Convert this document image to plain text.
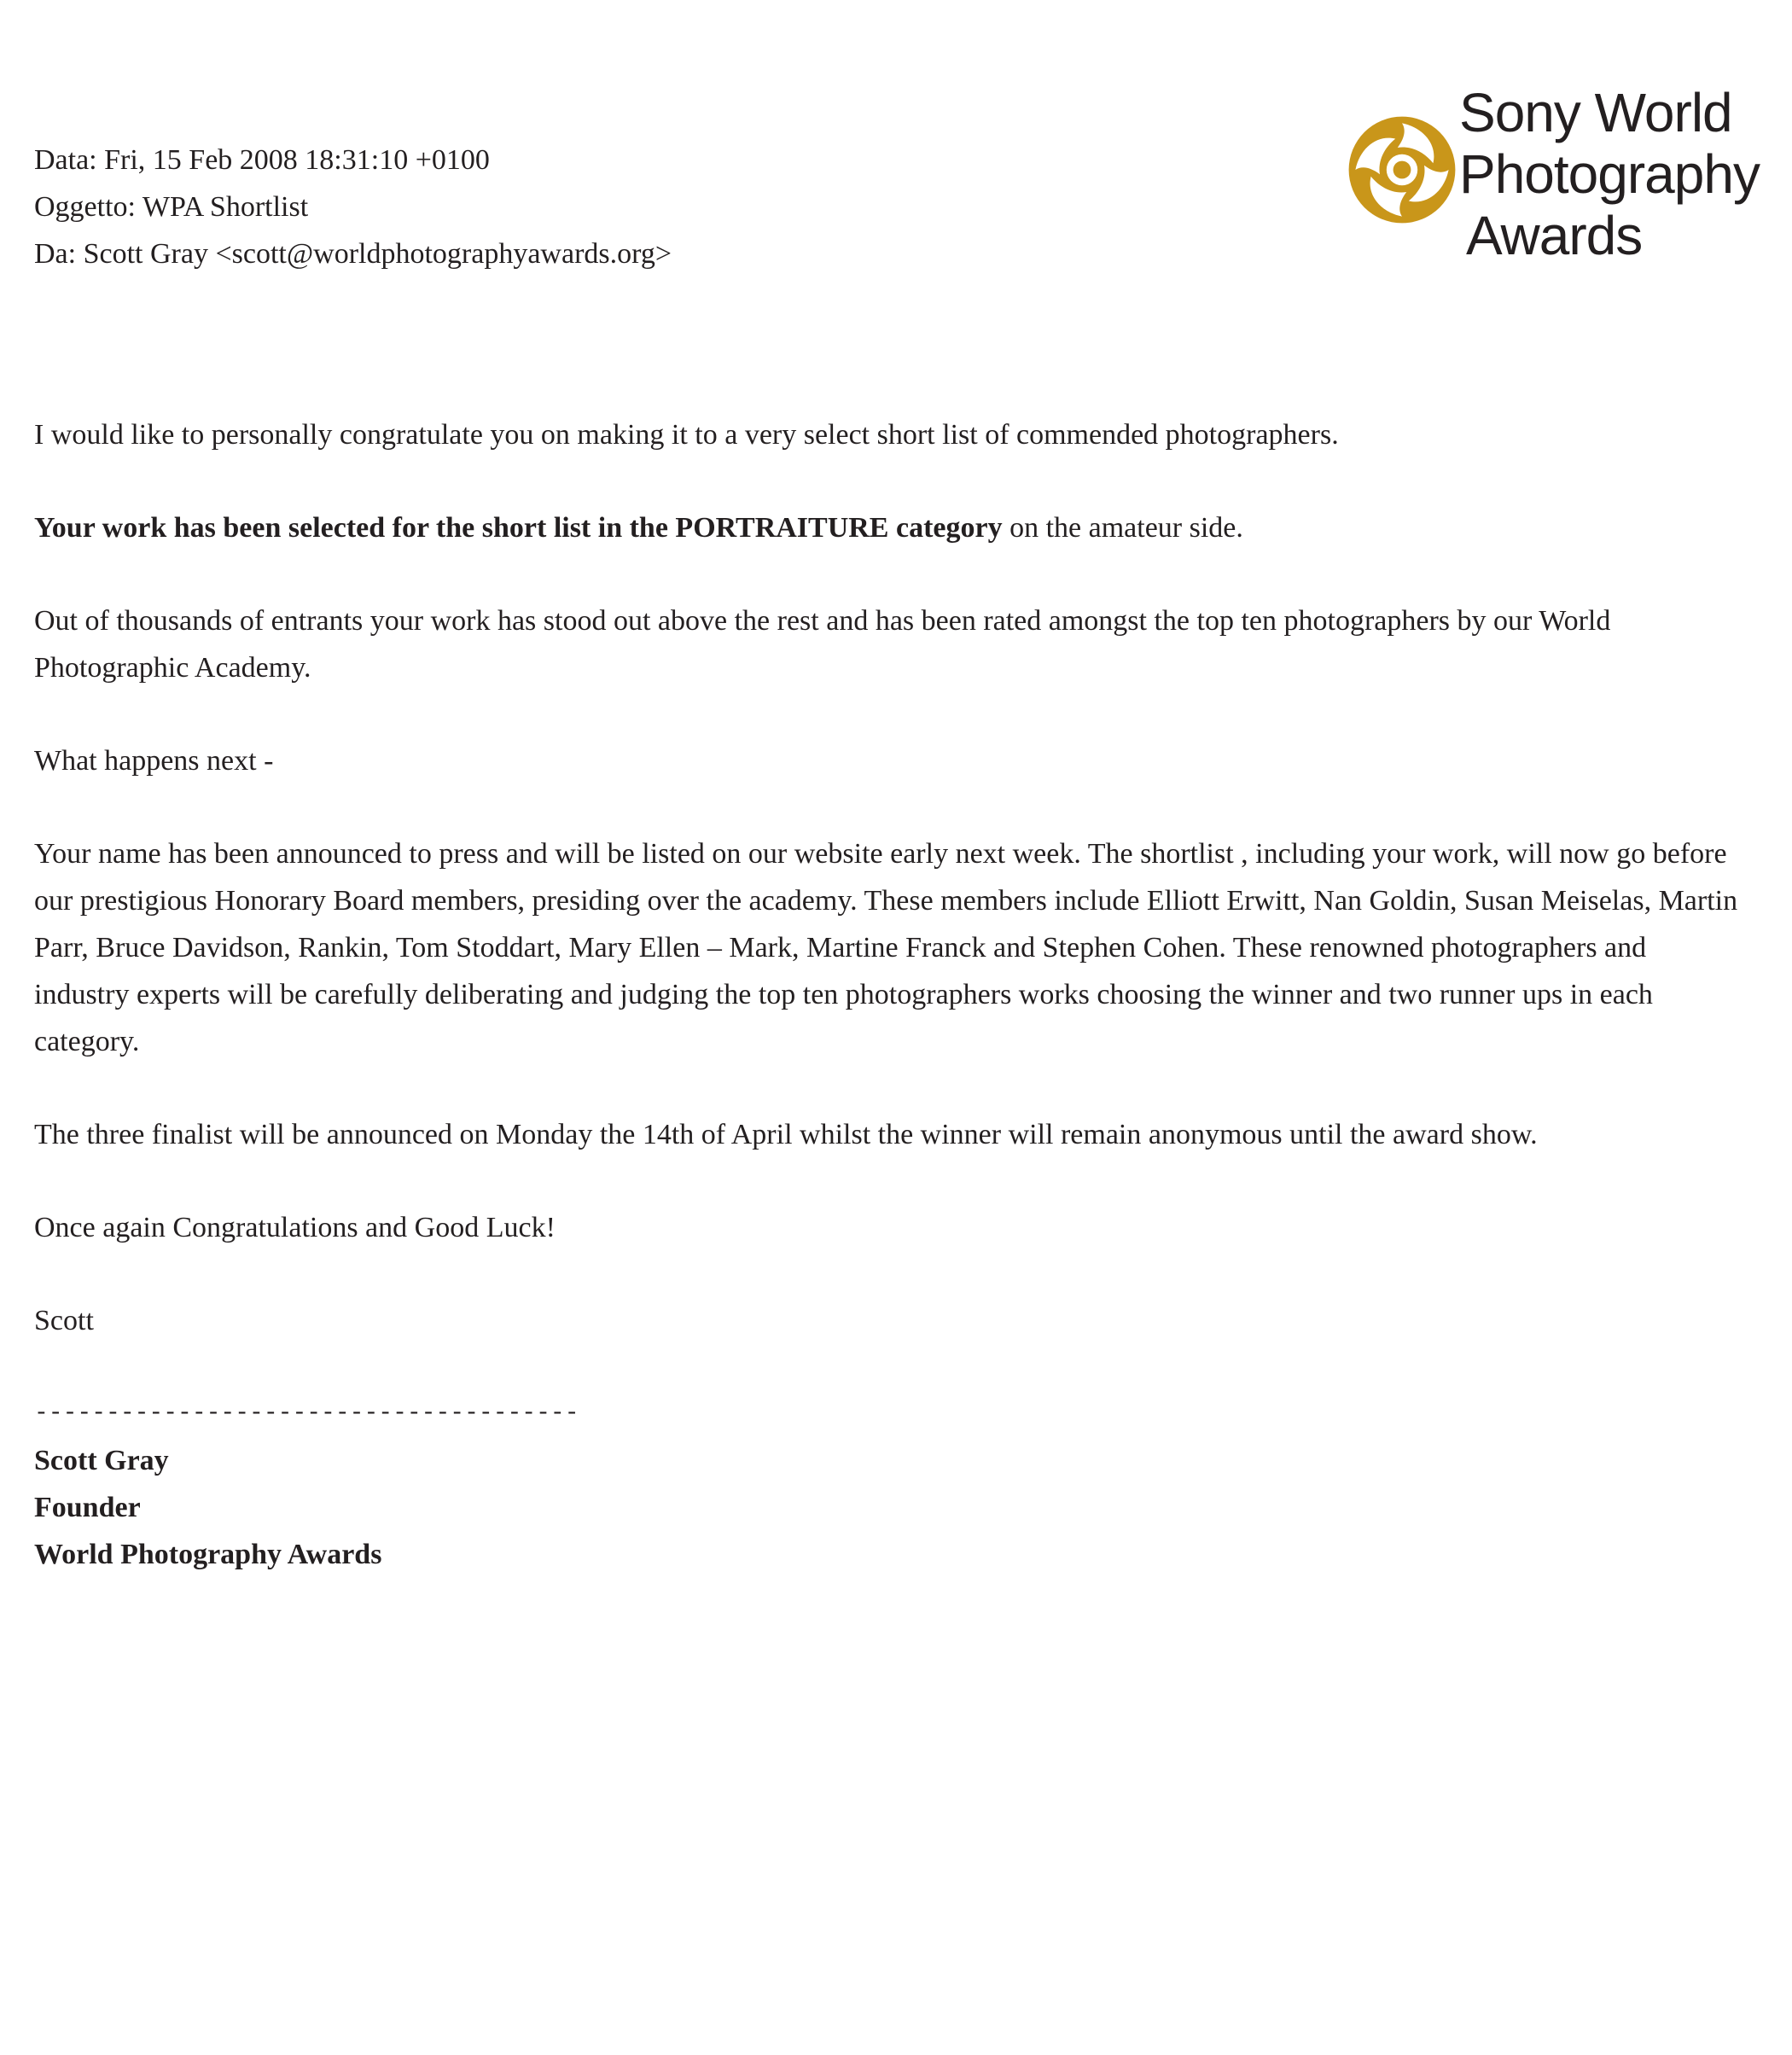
Data: Fri, 15 Feb 2008 18:31:10 +0100
Oggetto: WPA Shortlist
Da: Scott Gray <scott@worldphotographyawards.org>
Sony World
Photography
Awards

I would like to personally congratulate you on making it to a very select short list of commended photographers.

Your work has been selected for the short list in the PORTRAITURE category on the amateur side.

Out of thousands of entrants your work has stood out above the rest and has been rated amongst the top ten photographers by our World Photographic Academy.

What happens next -

Your name has been announced to press and will be listed on our website early next week. The shortlist , including your work, will now go before our prestigious Honorary Board members, presiding over the academy. These members include Elliott Erwitt, Nan Goldin, Susan Meiselas, Martin Parr, Bruce Davidson, Rankin, Tom Stoddart, Mary Ellen – Mark, Martine Franck and Stephen Cohen. These renowned photographers and industry experts will be carefully deliberating and judging the top ten photographers works choosing the winner and two runner ups in each category.

The three finalist will be announced on Monday the 14th of April whilst the winner will remain anonymous until the award show.

Once again Congratulations and Good Luck!

Scott

--------------------------------------
Scott Gray
Founder
World Photography Awards
